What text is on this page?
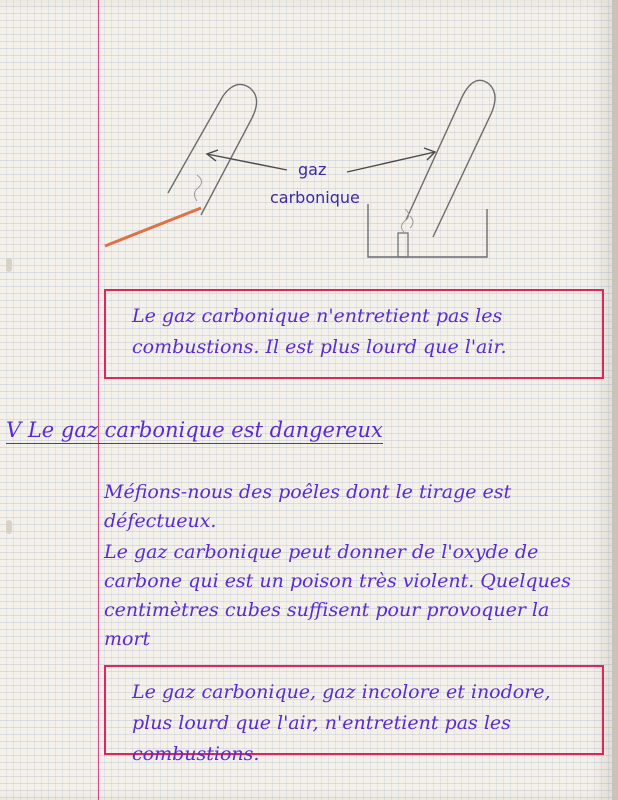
gaz
carbonique
Le gaz carbonique n'entretient pas les combustions. Il est plus lourd que l'air.
V Le gaz carbonique est dangereux
Méfions-nous des poêles dont le tirage est défectueux.
Le gaz carbonique peut donner de l'oxyde de carbone qui est un poison très violent. Quelques centimètres cubes suffisent pour provoquer la mort
Le gaz carbonique, gaz incolore et inodore, plus lourd que l'air, n'entretient pas les combustions.
